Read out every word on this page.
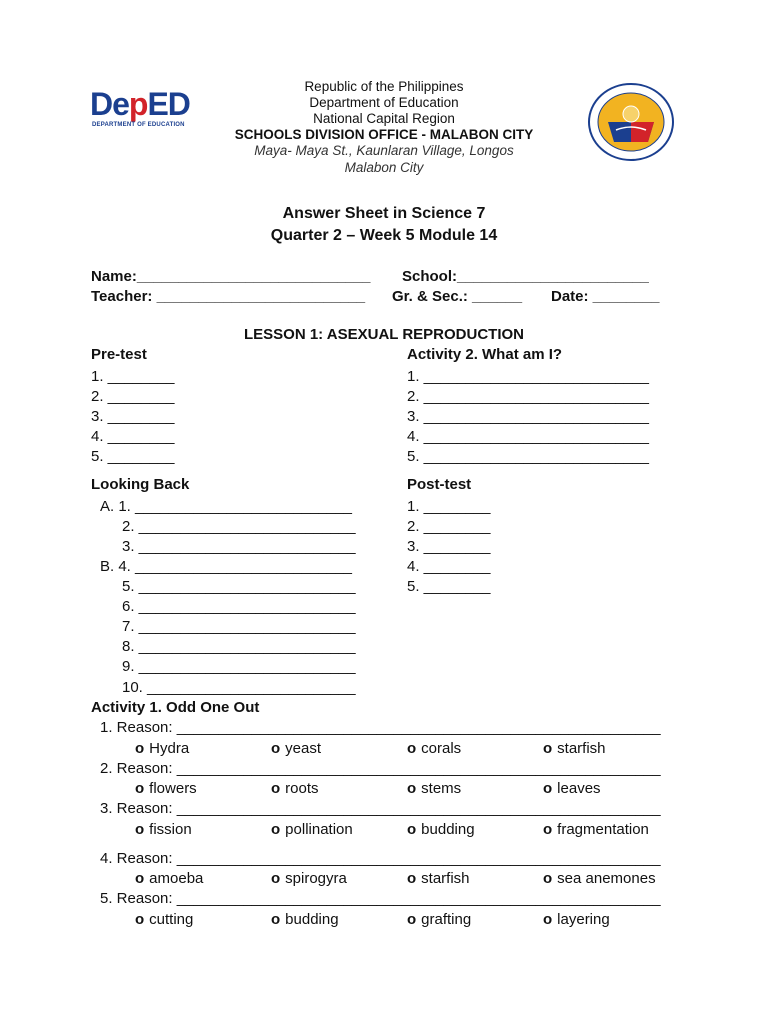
DepED
DEPARTMENT OF EDUCATION
Republic of the Philippines
Department of Education
National Capital Region
SCHOOLS DIVISION OFFICE - MALABON CITY
Maya- Maya St., Kaunlaran Village, Longos
Malabon City
Answer Sheet in Science 7
Quarter 2 – Week 5 Module 14
Name:____________________________ School:_______________________
Teacher: _________________________ Gr. & Sec.: ______ Date: ________
LESSON 1: ASEXUAL REPRODUCTION
Pre-test
1. ________
2. ________
3. ________
4. ________
5. ________
Activity 2. What am I?
1. ___________________________
2. ___________________________
3. ___________________________
4. ___________________________
5. ___________________________
Looking Back
A. 1. __________________________
2. __________________________
3. __________________________
B. 4. __________________________
5. __________________________
6. __________________________
7. __________________________
8. __________________________
9. __________________________
10. _________________________
Post-test
1. ________
2. ________
3. ________
4. ________
5. ________
Activity 1. Odd One Out
1. Reason: __________________________________________________________
o Hydra	o yeast	o corals	o starfish
2. Reason: __________________________________________________________
o flowers	o roots	o stems	o leaves
3. Reason: __________________________________________________________
o fission	o pollination	o budding	o fragmentation
4. Reason: __________________________________________________________
o amoeba	o spirogyra	o starfish	o sea anemones
5. Reason: __________________________________________________________
o cutting	o budding	o grafting	o layering
